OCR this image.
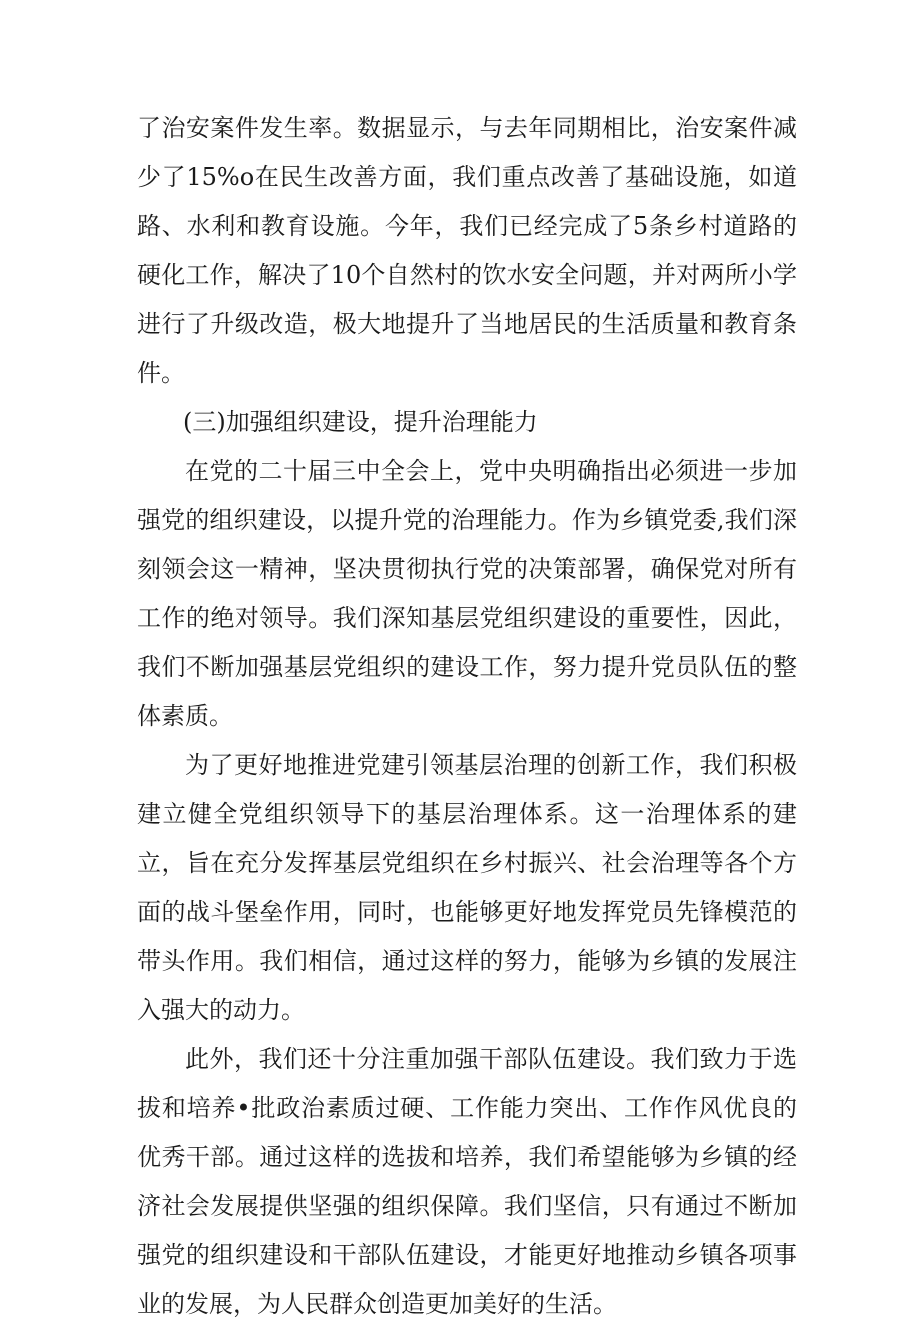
了治安案件发生率。数据显示，与去年同期相比，治安案件减少了15%o在民生改善方面，我们重点改善了基础设施，如道路、水利和教育设施。今年，我们已经完成了5条乡村道路的硬化工作，解决了10个自然村的饮水安全问题，并对两所小学进行了升级改造，极大地提升了当地居民的生活质量和教育条件。

(三)加强组织建设，提升治理能力

在党的二十届三中全会上，党中央明确指出必须进一步加强党的组织建设，以提升党的治理能力。作为乡镇党委,我们深刻领会这一精神，坚决贯彻执行党的决策部署，确保党对所有工作的绝对领导。我们深知基层党组织建设的重要性，因此，我们不断加强基层党组织的建设工作，努力提升党员队伍的整体素质。

为了更好地推进党建引领基层治理的创新工作，我们积极建立健全党组织领导下的基层治理体系。这一治理体系的建立，旨在充分发挥基层党组织在乡村振兴、社会治理等各个方面的战斗堡垒作用，同时，也能够更好地发挥党员先锋模范的带头作用。我们相信，通过这样的努力，能够为乡镇的发展注入强大的动力。

此外，我们还十分注重加强干部队伍建设。我们致力于选拔和培养•批政治素质过硬、工作能力突出、工作作风优良的优秀干部。通过这样的选拔和培养，我们希望能够为乡镇的经济社会发展提供坚强的组织保障。我们坚信，只有通过不断加强党的组织建设和干部队伍建设，才能更好地推动乡镇各项事业的发展，为人民群众创造更加美好的生活。
